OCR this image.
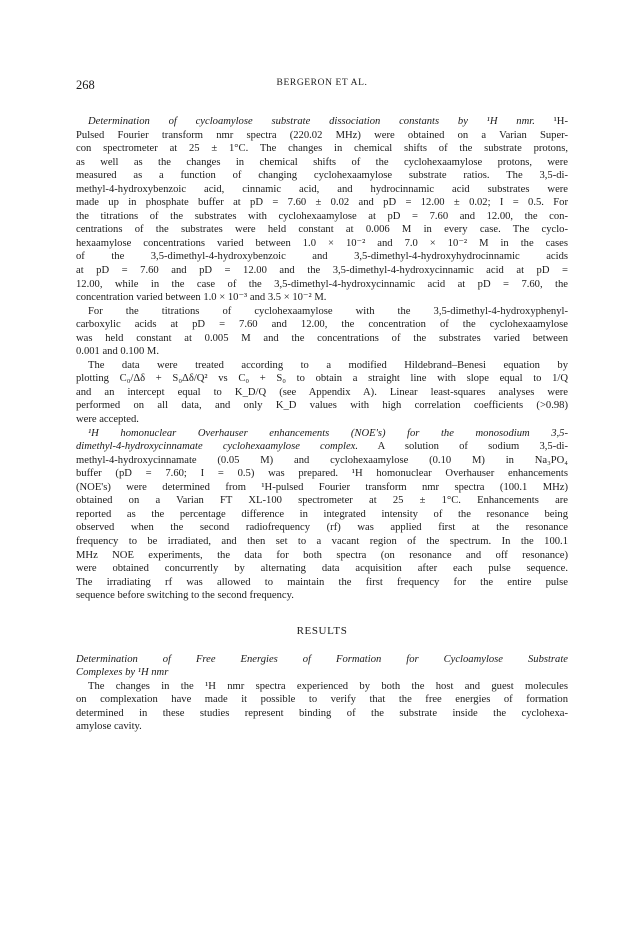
268	BERGERON ET AL.

Determination of cycloamylose substrate dissociation constants by ¹H nmr. ¹H-
Pulsed Fourier transform nmr spectra (220.02 MHz) were obtained on a Varian Super-
con spectrometer at 25 ± 1°C. The changes in chemical shifts of the substrate protons,
as well as the changes in chemical shifts of the cyclohexaamylose protons, were
measured as a function of changing cyclohexaamylose substrate ratios. The 3,5-di-
methyl-4-hydroxybenzoic acid, cinnamic acid, and hydrocinnamic acid substrates were
made up in phosphate buffer at pD = 7.60 ± 0.02 and pD = 12.00 ± 0.02; I = 0.5. For
the titrations of the substrates with cyclohexaamylose at pD = 7.60 and 12.00, the con-
centrations of the substrates were held constant at 0.006 M in every case. The cyclo-
hexaamylose concentrations varied between 1.0 × 10⁻² and 7.0 × 10⁻² M in the cases
of the 3,5-dimethyl-4-hydroxybenzoic and 3,5-dimethyl-4-hydroxyhydrocinnamic acids
at pD = 7.60 and pD = 12.00 and the 3,5-dimethyl-4-hydroxycinnamic acid at pD =
12.00, while in the case of the 3,5-dimethyl-4-hydroxycinnamic acid at pD = 7.60, the
concentration varied between 1.0 × 10⁻³ and 3.5 × 10⁻² M.

For the titrations of cyclohexaamylose with the 3,5-dimethyl-4-hydroxyphenyl-
carboxylic acids at pD = 7.60 and 12.00, the concentration of the cyclohexaamylose
was held constant at 0.005 M and the concentrations of the substrates varied between
0.001 and 0.100 M.

The data were treated according to a modified Hildebrand–Benesi equation by
plotting C₀/Δδ + S₀Δδ/Q² vs C₀ + S₀ to obtain a straight line with slope equal to 1/Q
and an intercept equal to K_D/Q (see Appendix A). Linear least-squares analyses were
performed on all data, and only K_D values with high correlation coefficients (>0.98)
were accepted.

¹H homonuclear Overhauser enhancements (NOE's) for the monosodium 3,5-
dimethyl-4-hydroxycinnamate cyclohexaamylose complex. A solution of sodium 3,5-di-
methyl-4-hydroxycinnamate (0.05 M) and cyclohexaamylose (0.10 M) in Na₃PO₄
buffer (pD = 7.60; I = 0.5) was prepared. ¹H homonuclear Overhauser enhancements
(NOE's) were determined from ¹H-pulsed Fourier transform nmr spectra (100.1 MHz)
obtained on a Varian FT XL-100 spectrometer at 25 ± 1°C. Enhancements are
reported as the percentage difference in integrated intensity of the resonance being
observed when the second radiofrequency (rf) was applied first at the resonance
frequency to be irradiated, and then set to a vacant region of the spectrum. In the 100.1
MHz NOE experiments, the data for both spectra (on resonance and off resonance)
were obtained concurrently by alternating data acquisition after each pulse sequence.
The irradiating rf was allowed to maintain the first frequency for the entire pulse
sequence before switching to the second frequency.

RESULTS

Determination of Free Energies of Formation for Cycloamylose Substrate
Complexes by ¹H nmr

The changes in the ¹H nmr spectra experienced by both the host and guest molecules
on complexation have made it possible to verify that the free energies of formation
determined in these studies represent binding of the substrate inside the cyclohexa-
amylose cavity.
